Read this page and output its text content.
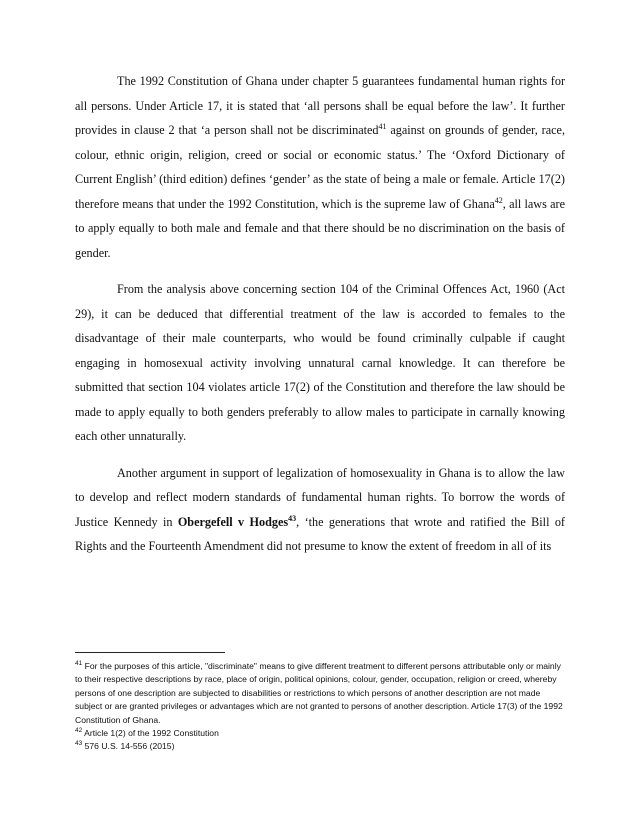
The 1992 Constitution of Ghana under chapter 5 guarantees fundamental human rights for all persons. Under Article 17, it is stated that ‘all persons shall be equal before the law’. It further provides in clause 2 that ‘a person shall not be discriminated$^{41}$ against on grounds of gender, race, colour, ethnic origin, religion, creed or social or economic status.’ The ‘Oxford Dictionary of Current English’ (third edition) defines ‘gender’ as the state of being a male or female. Article 17(2) therefore means that under the 1992 Constitution, which is the supreme law of Ghana$^{42}$, all laws are to apply equally to both male and female and that there should be no discrimination on the basis of gender.

From the analysis above concerning section 104 of the Criminal Offences Act, 1960 (Act 29), it can be deduced that differential treatment of the law is accorded to females to the disadvantage of their male counterparts, who would be found criminally culpable if caught engaging in homosexual activity involving unnatural carnal knowledge. It can therefore be submitted that section 104 violates article 17(2) of the Constitution and therefore the law should be made to apply equally to both genders preferably to allow males to participate in carnally knowing each other unnaturally.

Another argument in support of legalization of homosexuality in Ghana is to allow the law to develop and reflect modern standards of fundamental human rights. To borrow the words of Justice Kennedy in Obergefell v Hodges$^{43}$, ‘the generations that wrote and ratified the Bill of Rights and the Fourteenth Amendment did not presume to know the extent of freedom in all of its

$^{41}$ For the purposes of this article, "discriminate" means to give different treatment to different persons attributable only or mainly to their respective descriptions by race, place of origin, political opinions, colour, gender, occupation, religion or creed, whereby persons of one description are subjected to disabilities or restrictions to which persons of another description are not made subject or are granted privileges or advantages which are not granted to persons of another description. Article 17(3) of the 1992 Constitution of Ghana.

$^{42}$ Article 1(2) of the 1992 Constitution

$^{43}$ 576 U.S. 14-556 (2015)
